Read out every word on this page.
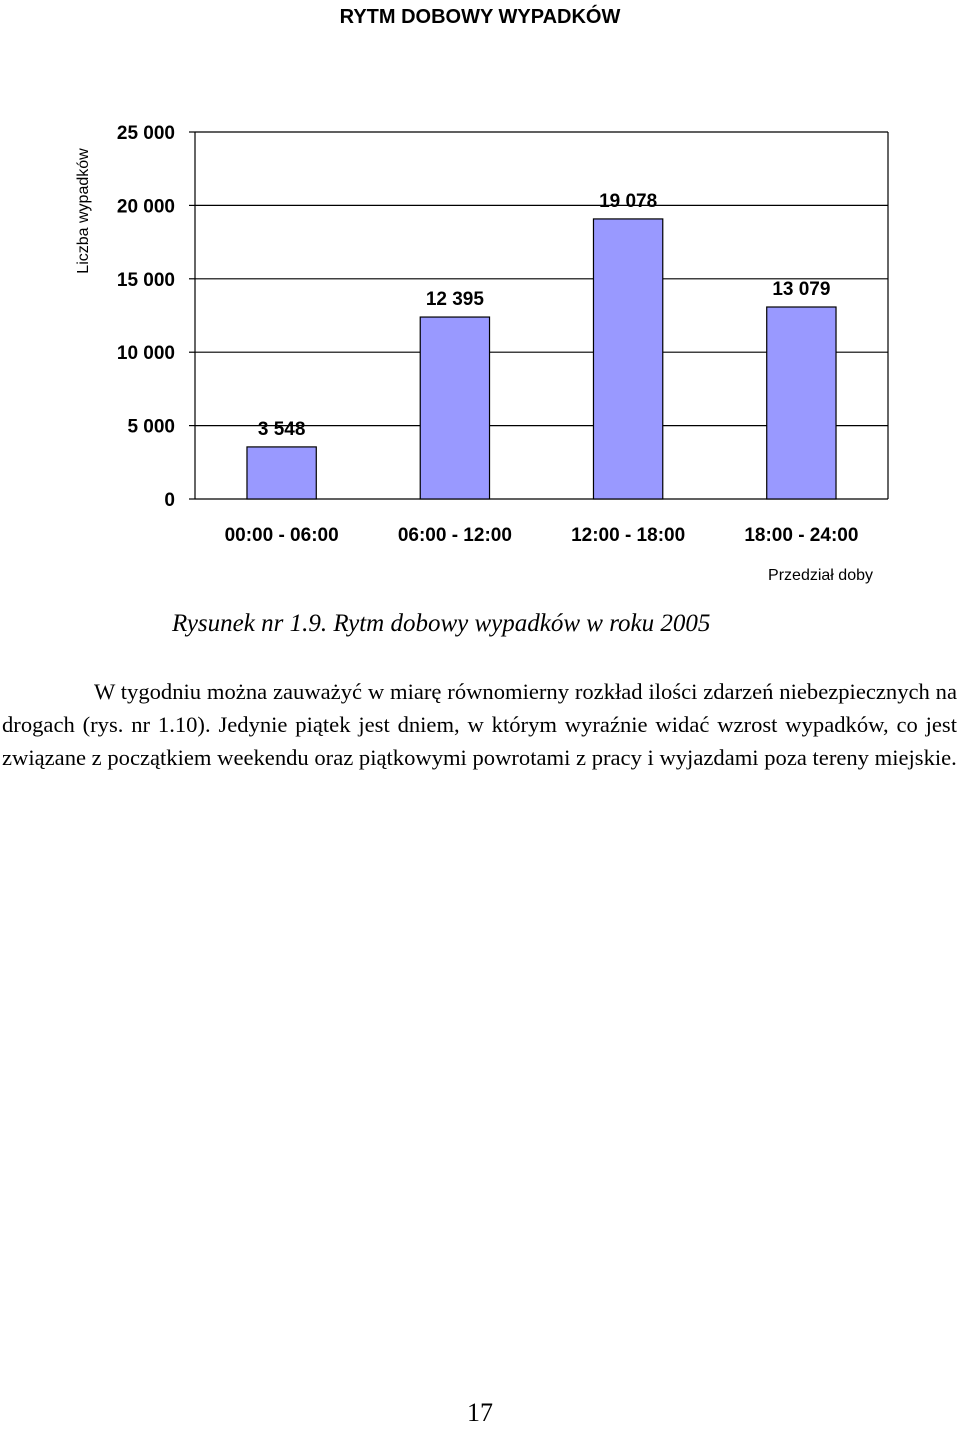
RYTM DOBOWY WYPADKÓW
Liczba wypadków
Przedział doby
0
5 000
10 000
15 000
20 000
25 000
3 548
00:00 - 06:00
12 395
06:00 - 12:00
19 078
12:00 - 18:00
13 079
18:00 - 24:00
Rysunek nr 1.9. Rytm dobowy wypadków w roku 2005

W tygodniu można zauważyć w miarę równomierny rozkład ilości zdarzeń niebezpiecznych na drogach (rys. nr 1.10). Jedynie piątek jest dniem, w którym wyraźnie widać wzrost wypadków, co jest związane z początkiem weekendu oraz piątkowymi powrotami z pracy i wyjazdami poza tereny miejskie.

17
